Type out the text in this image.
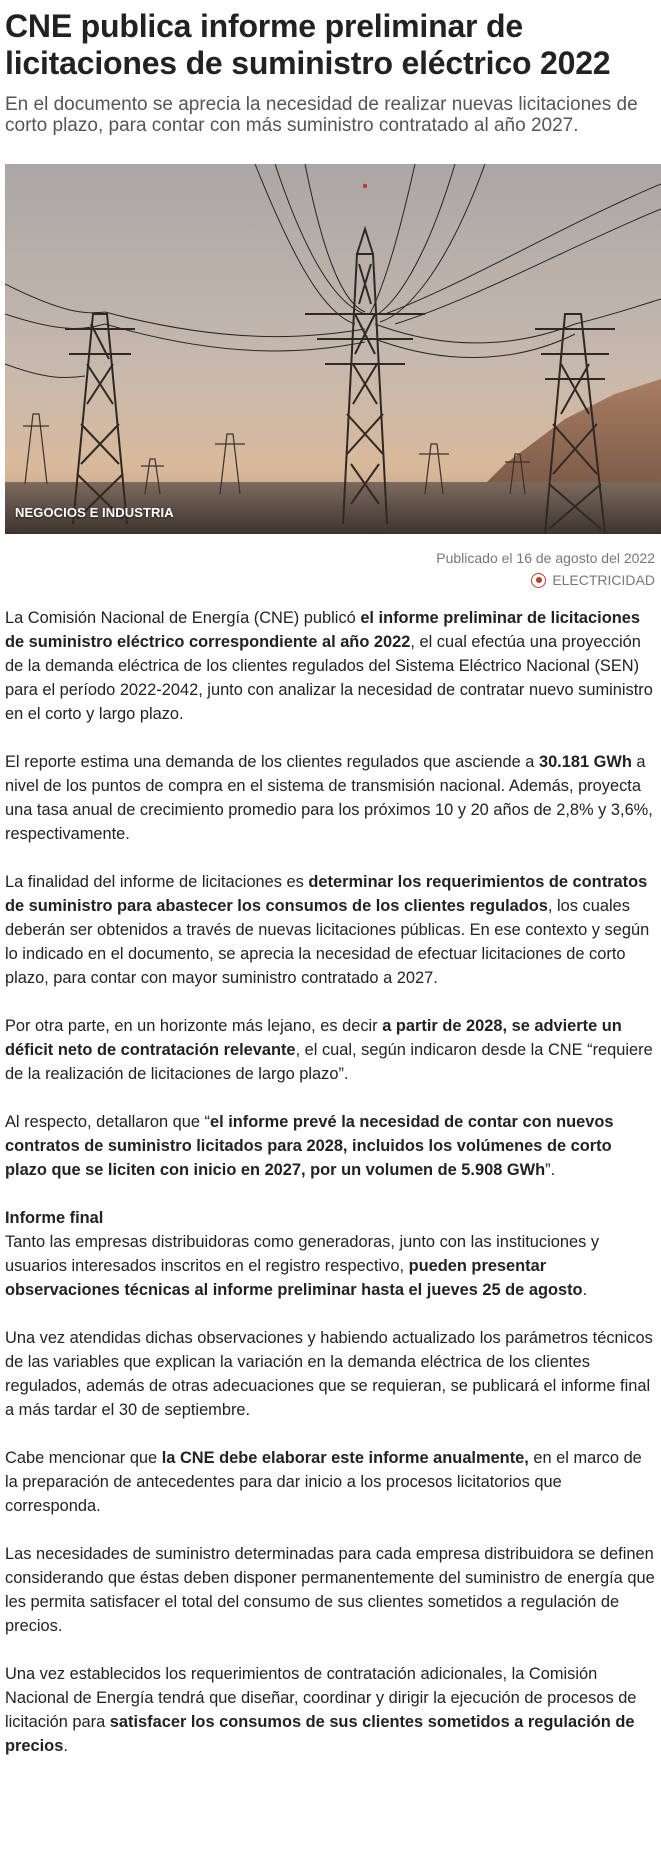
CNE publica informe preliminar de licitaciones de suministro eléctrico 2022

En el documento se aprecia la necesidad de realizar nuevas licitaciones de corto plazo, para contar con más suministro contratado al año 2027.

NEGOCIOS E INDUSTRIA
Publicado el 16 de agosto del 2022
ELECTRICIDAD

La Comisión Nacional de Energía (CNE) publicó el informe preliminar de licitaciones de suministro eléctrico correspondiente al año 2022, el cual efectúa una proyección de la demanda eléctrica de los clientes regulados del Sistema Eléctrico Nacional (SEN) para el período 2022-2042, junto con analizar la necesidad de contratar nuevo suministro en el corto y largo plazo.

El reporte estima una demanda de los clientes regulados que asciende a 30.181 GWh a nivel de los puntos de compra en el sistema de transmisión nacional. Además, proyecta una tasa anual de crecimiento promedio para los próximos 10 y 20 años de 2,8% y 3,6%, respectivamente.

La finalidad del informe de licitaciones es determinar los requerimientos de contratos de suministro para abastecer los consumos de los clientes regulados, los cuales deberán ser obtenidos a través de nuevas licitaciones públicas. En ese contexto y según lo indicado en el documento, se aprecia la necesidad de efectuar licitaciones de corto plazo, para contar con mayor suministro contratado a 2027.

Por otra parte, en un horizonte más lejano, es decir a partir de 2028, se advierte un déficit neto de contratación relevante, el cual, según indicaron desde la CNE “requiere de la realización de licitaciones de largo plazo”.

Al respecto, detallaron que “el informe prevé la necesidad de contar con nuevos contratos de suministro licitados para 2028, incluidos los volúmenes de corto plazo que se liciten con inicio en 2027, por un volumen de 5.908 GWh”.

Informe final
Tanto las empresas distribuidoras como generadoras, junto con las instituciones y usuarios interesados inscritos en el registro respectivo, pueden presentar observaciones técnicas al informe preliminar hasta el jueves 25 de agosto.

Una vez atendidas dichas observaciones y habiendo actualizado los parámetros técnicos de las variables que explican la variación en la demanda eléctrica de los clientes regulados, además de otras adecuaciones que se requieran, se publicará el informe final a más tardar el 30 de septiembre.

Cabe mencionar que la CNE debe elaborar este informe anualmente, en el marco de la preparación de antecedentes para dar inicio a los procesos licitatorios que corresponda.

Las necesidades de suministro determinadas para cada empresa distribuidora se definen considerando que éstas deben disponer permanentemente del suministro de energía que les permita satisfacer el total del consumo de sus clientes sometidos a regulación de precios.

Una vez establecidos los requerimientos de contratación adicionales, la Comisión Nacional de Energía tendrá que diseñar, coordinar y dirigir la ejecución de procesos de licitación para satisfacer los consumos de sus clientes sometidos a regulación de precios.
